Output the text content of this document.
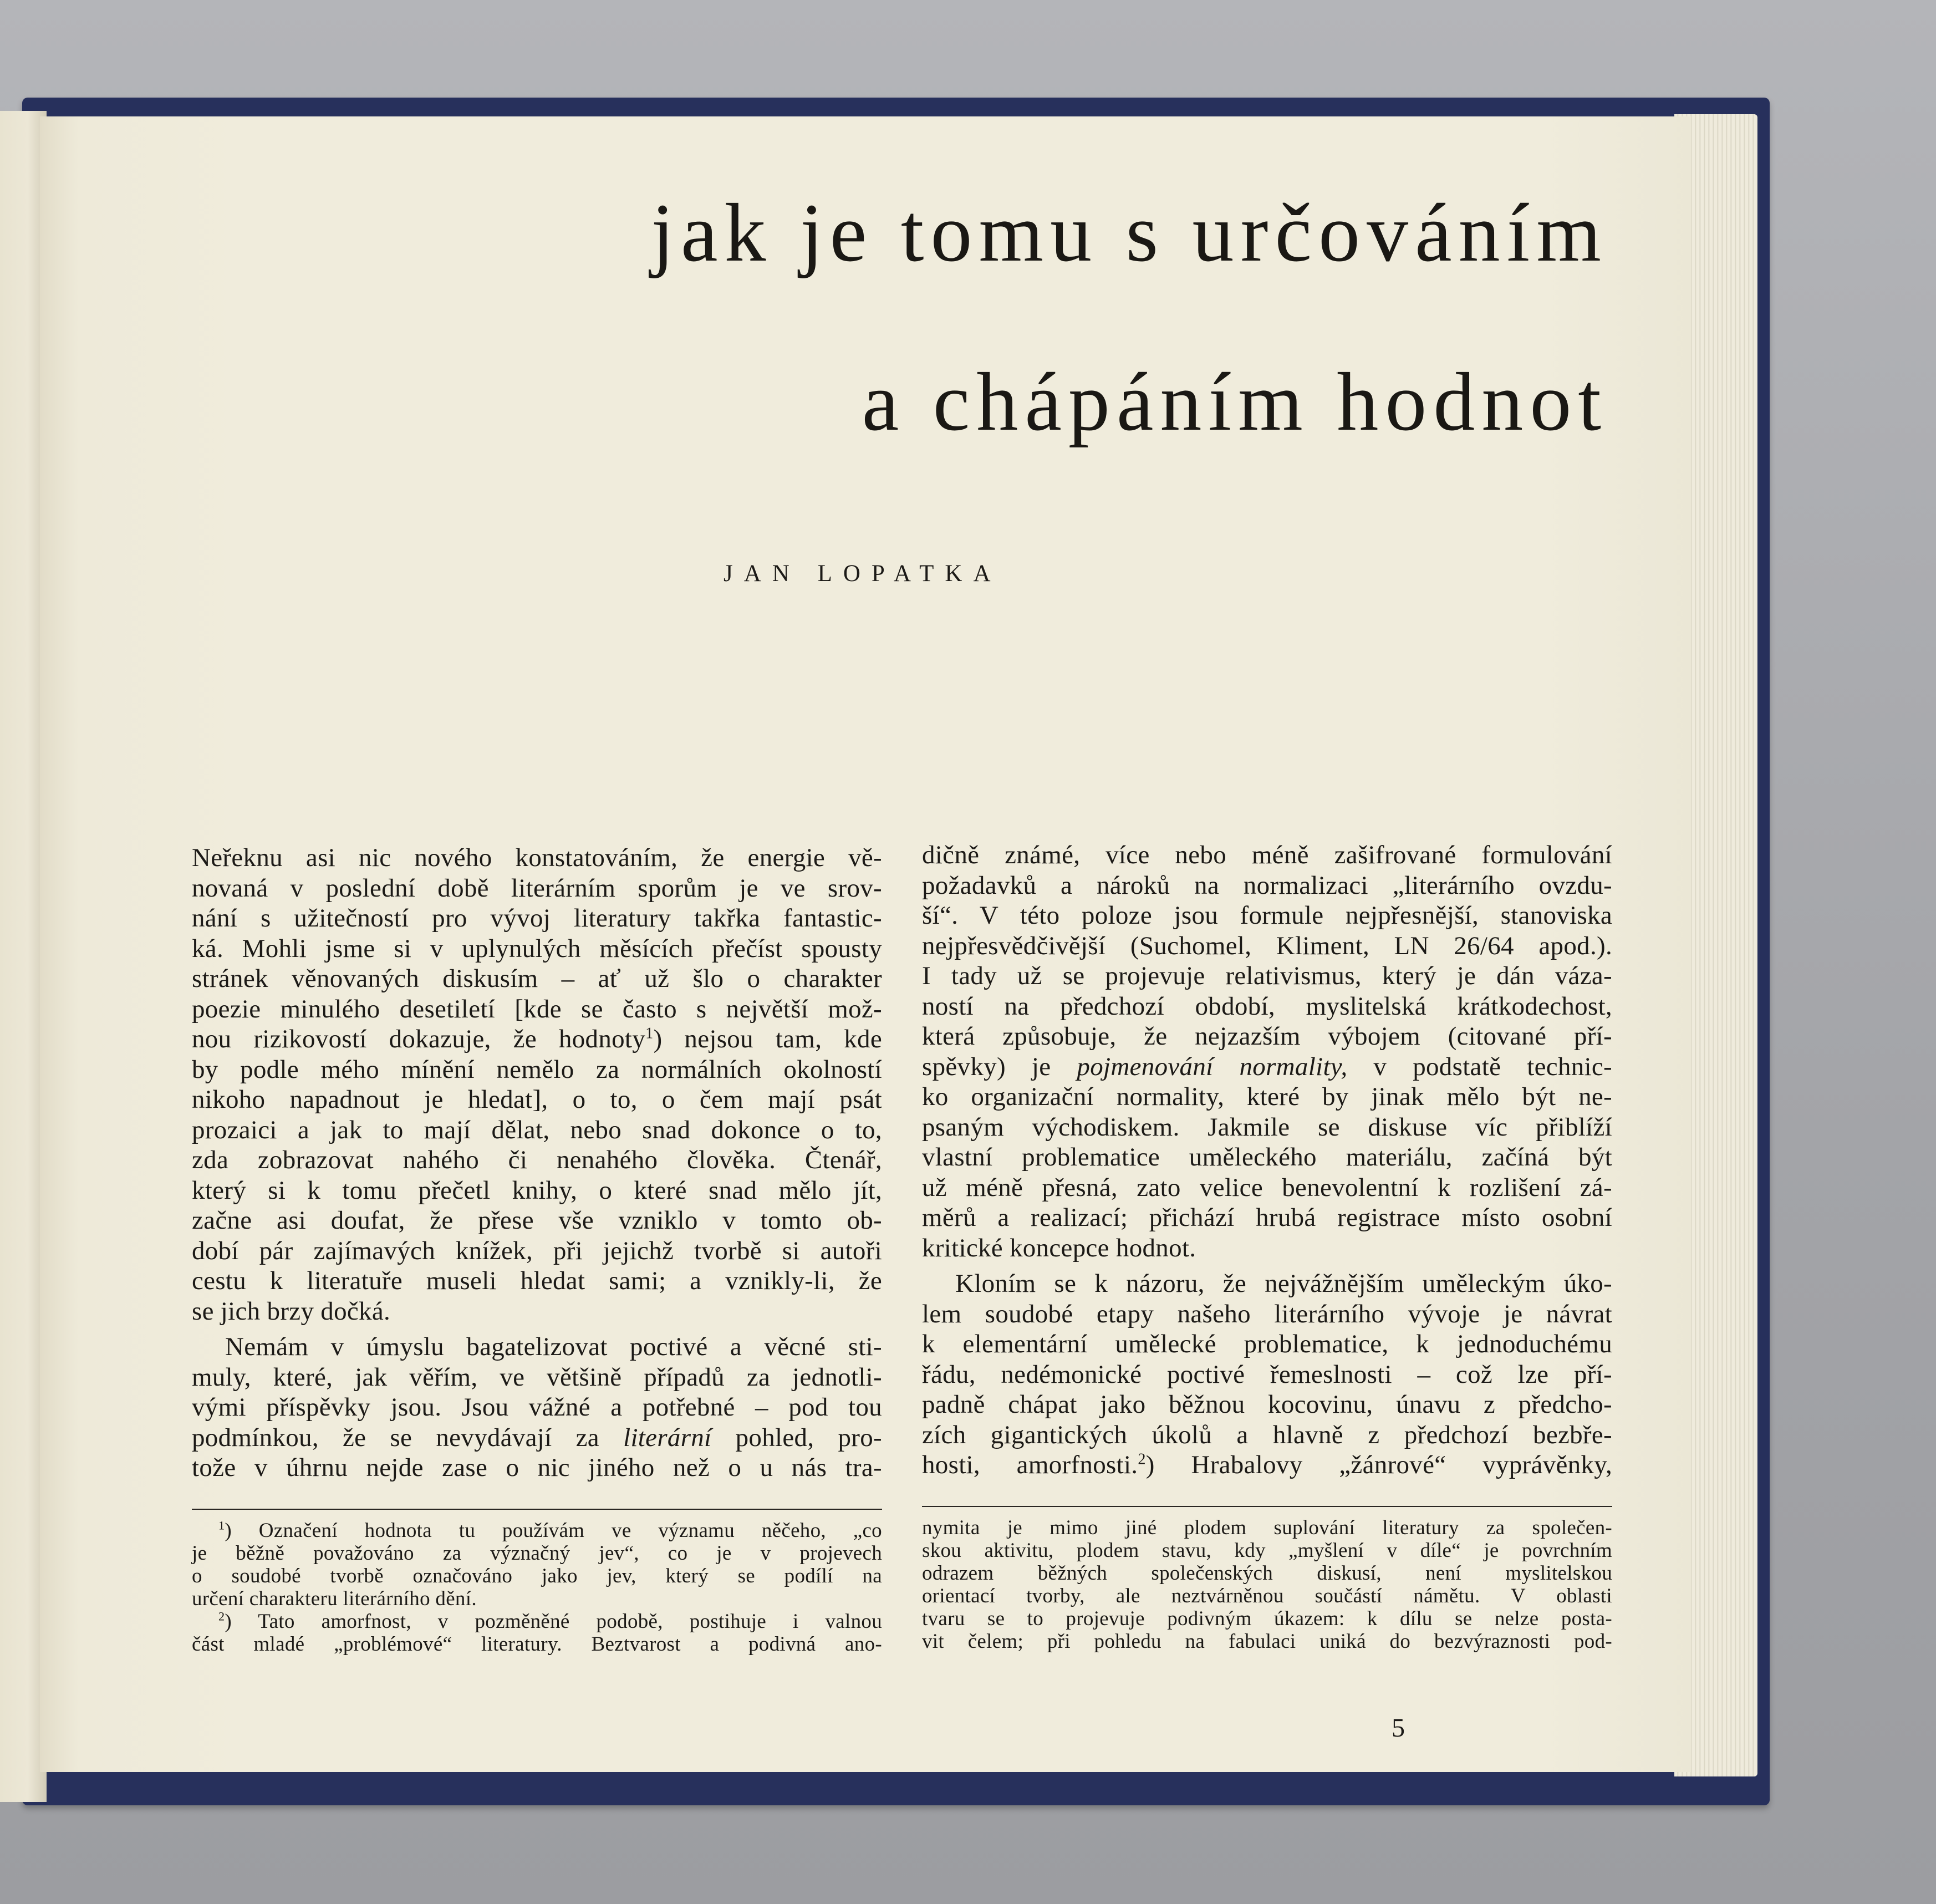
jak je tomu s určováním
a chápáním hodnot
JAN LOPATKA

Neřeknu asi nic nového konstatováním, že energie vě-
novaná v poslední době literárním sporům je ve srov-
nání s užitečností pro vývoj literatury takřka fantastic-
ká. Mohli jsme si v uplynulých měsících přečíst spousty
stránek věnovaných diskusím – ať už šlo o charakter
poezie minulého desetiletí [kde se často s největší mož-
nou rizikovostí dokazuje, že hodnoty$^1$) nejsou tam, kde
by podle mého mínění nemělo za normálních okolností
nikoho napadnout je hledat], o to, o čem mají psát
prozaici a jak to mají dělat, nebo snad dokonce o to,
zda zobrazovat nahého či nenahého člověka. Čtenář,
který si k tomu přečetl knihy, o které snad mělo jít,
začne asi doufat, že přese vše vzniklo v tomto ob-
dobí pár zajímavých knížek, při jejichž tvorbě si autoři
cestu k literatuře museli hledat sami; a vznikly-li, že
se jich brzy dočká.

Nemám v úmyslu bagatelizovat poctivé a věcné sti-
muly, které, jak věřím, ve většině případů za jednotli-
vými příspěvky jsou. Jsou vážné a potřebné – pod tou
podmínkou, že se nevydávají za literární pohled, pro-
tože v úhrnu nejde zase o nic jiného než o u nás tra-

dičně známé, více nebo méně zašifrované formulování
požadavků a nároků na normalizaci „literárního ovzdu-
ší“. V této poloze jsou formule nejpřesnější, stanoviska
nejpřesvědčivější (Suchomel, Kliment, LN 26/64 apod.).
I tady už se projevuje relativismus, který je dán váza-
ností na předchozí období, myslitelská krátkodechost,
která způsobuje, že nejzazším výbojem (citované pří-
spěvky) je pojmenování normality, v podstatě technic-
ko organizační normality, které by jinak mělo být ne-
psaným východiskem. Jakmile se diskuse víc přiblíží
vlastní problematice uměleckého materiálu, začíná být
už méně přesná, zato velice benevolentní k rozlišení zá-
měrů a realizací; přichází hrubá registrace místo osobní
kritické koncepce hodnot.

Kloním se k názoru, že nejvážnějším uměleckým úko-
lem soudobé etapy našeho literárního vývoje je návrat
k elementární umělecké problematice, k jednoduchému
řádu, nedémonické poctivé řemeslnosti – což lze pří-
padně chápat jako běžnou kocovinu, únavu z předcho-
zích gigantických úkolů a hlavně z předchozí bezbře-
hosti, amorfnosti.$^2$) Hrabalovy „žánrové“ vyprávěnky,

$^1$) Označení hodnota tu používám ve významu něčeho, „co
je běžně považováno za význačný jev“, co je v projevech
o soudobé tvorbě označováno jako jev, který se podílí na
určení charakteru literárního dění.
$^2$) Tato amorfnost, v pozměněné podobě, postihuje i valnou
část mladé „problémové“ literatury. Beztvarost a podivná ano-
nymita je mimo jiné plodem suplování literatury za společen-
skou aktivitu, plodem stavu, kdy „myšlení v díle“ je povrchním
odrazem běžných společenských diskusí, není myslitelskou
orientací tvorby, ale neztvárněnou součástí námětu. V oblasti
tvaru se to projevuje podivným úkazem: k dílu se nelze posta-
vit čelem; při pohledu na fabulaci uniká do bezvýraznosti pod-
5
